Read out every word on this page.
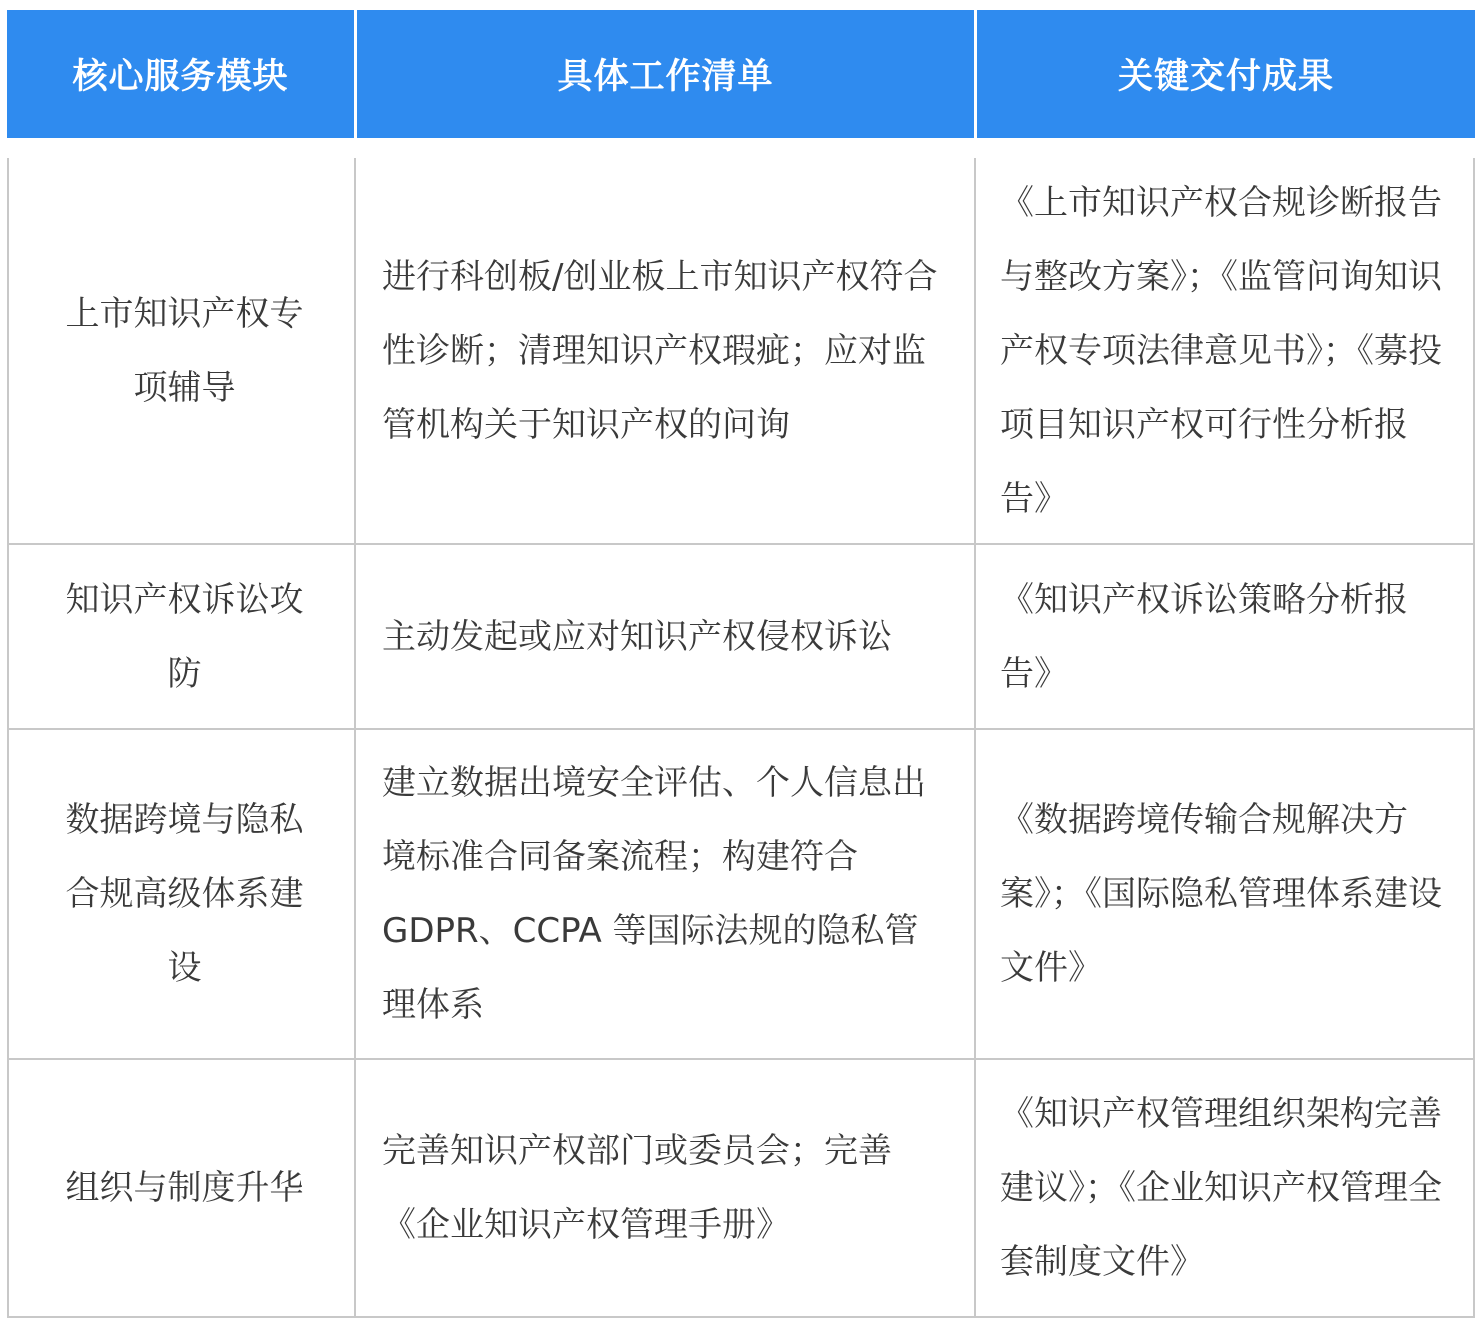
核心服务模块	具体工作清单	关键交付成果
上市知识产权专项辅导
进行科创板/创业板上市知识产权符合性诊断；清理知识产权瑕疵；应对监管机构关于知识产权的问询
《上市知识产权合规诊断报告与整改方案》；《监管问询知识产权专项法律意见书》；《募投项目知识产权可行性分析报告》
知识产权诉讼攻防
主动发起或应对知识产权侵权诉讼
《知识产权诉讼策略分析报告》
数据跨境与隐私合规高级体系建设
建立数据出境安全评估、个人信息出境标准合同备案流程；构建符合 GDPR、CCPA 等国际法规的隐私管理体系
《数据跨境传输合规解决方案》；《国际隐私管理体系建设文件》
组织与制度升华
完善知识产权部门或委员会；完善《企业知识产权管理手册》
《知识产权管理组织架构完善建议》；《企业知识产权管理全套制度文件》
